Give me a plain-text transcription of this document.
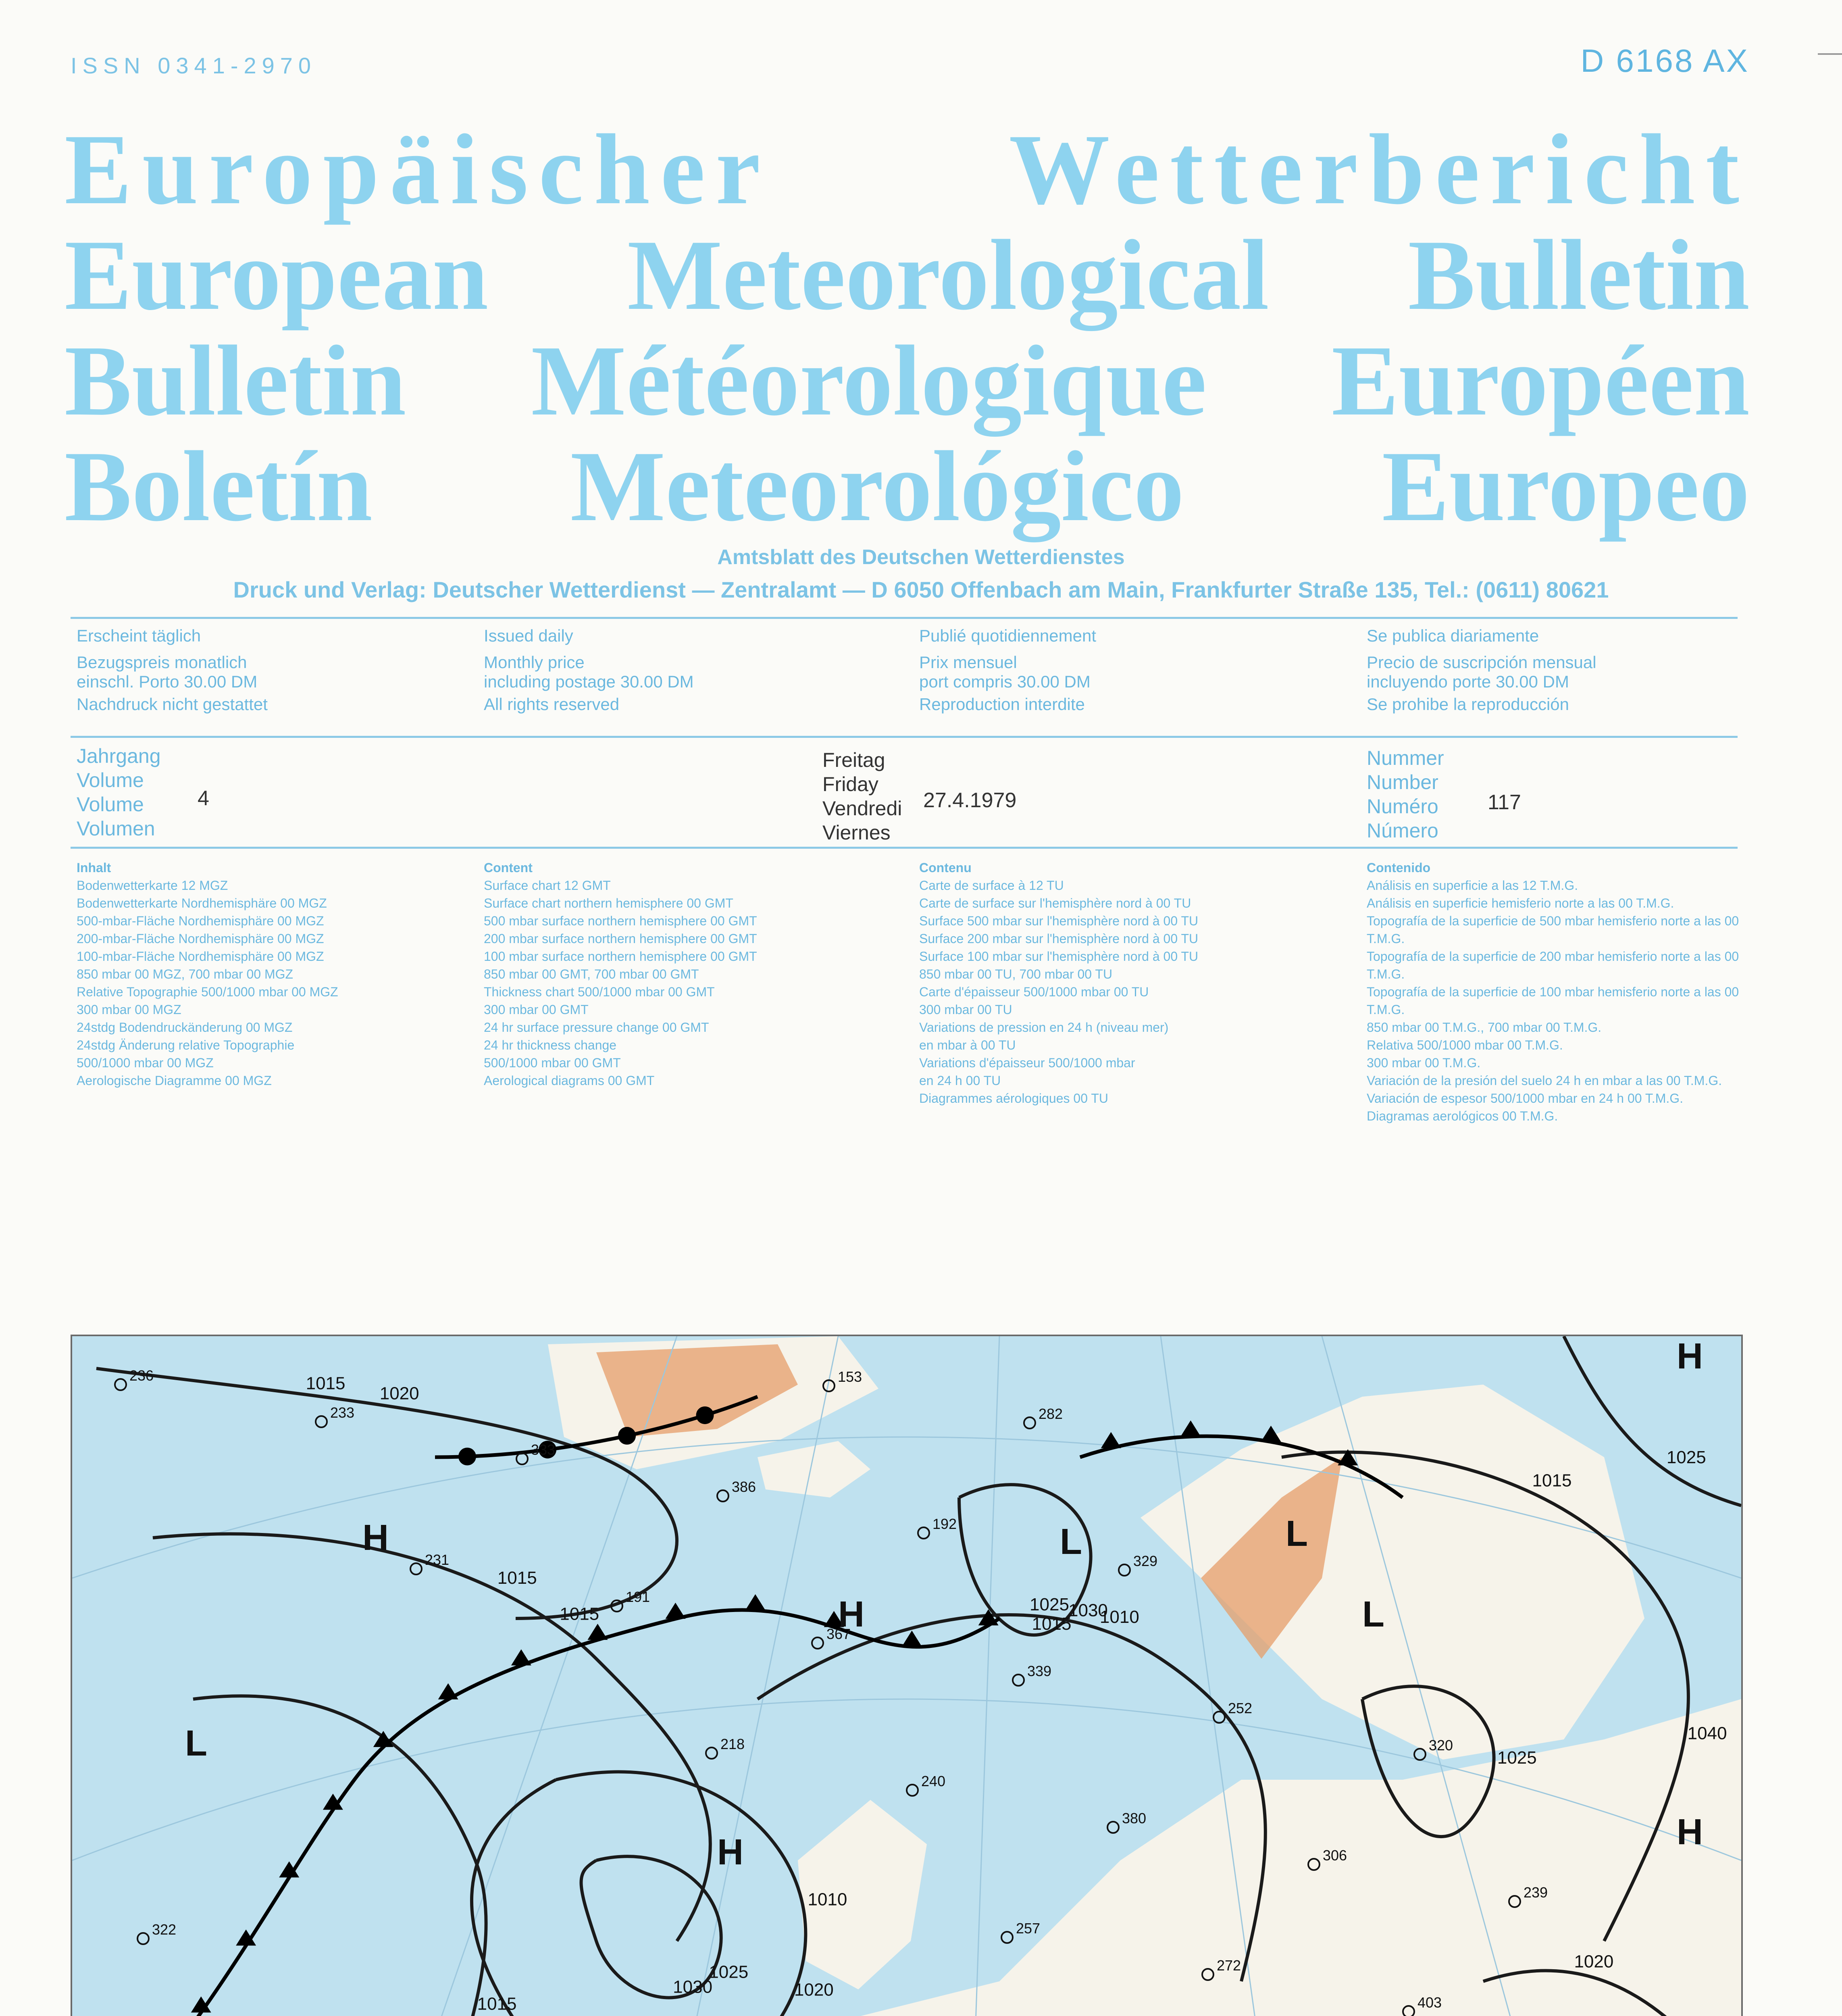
ISSN 0341-2970	D 6168 AX
Europäischer Wetterbericht
European Meteorological Bulletin
Bulletin Météorologique Européen
Boletín Meteorológico Europeo
Amtsblatt des Deutschen Wetterdienstes
Druck und Verlag: Deutscher Wetterdienst — Zentralamt — D 6050 Offenbach am Main, Frankfurter Straße 135, Tel.: (0611) 80621
Erscheint täglich
Bezugspreis monatlich
einschl. Porto 30.00 DM
Nachdruck nicht gestattet
Issued daily
Monthly price
including postage 30.00 DM
All rights reserved
Publié quotidiennement
Prix mensuel
port compris 30.00 DM
Reproduction interdite
Se publica diariamente
Precio de suscripción mensual
incluyendo porte 30.00 DM
Se prohibe la reproducción
Jahrgang
Volume
Volume
Volumen
4
Freitag
Friday
Vendredi
Viernes
27.4.1979
Nummer
Number
Numéro
Número
117
Inhalt
Bodenwetterkarte 12 MGZ
Bodenwetterkarte Nordhemisphäre 00 MGZ
500-mbar-Fläche Nordhemisphäre 00 MGZ
200-mbar-Fläche Nordhemisphäre 00 MGZ
100-mbar-Fläche Nordhemisphäre 00 MGZ
850 mbar 00 MGZ, 700 mbar 00 MGZ
Relative Topographie 500/1000 mbar 00 MGZ
300 mbar 00 MGZ
24stdg Bodendruckänderung 00 MGZ
24stdg Änderung relative Topographie
500/1000 mbar 00 MGZ
Aerologische Diagramme 00 MGZ
Content
Surface chart 12 GMT
Surface chart northern hemisphere 00 GMT
500 mbar surface northern hemisphere 00 GMT
200 mbar surface northern hemisphere 00 GMT
100 mbar surface northern hemisphere 00 GMT
850 mbar 00 GMT, 700 mbar 00 GMT
Thickness chart 500/1000 mbar 00 GMT
300 mbar 00 GMT
24 hr surface pressure change 00 GMT
24 hr thickness change
500/1000 mbar 00 GMT
Aerological diagrams 00 GMT
Contenu
Carte de surface à 12 TU
Carte de surface sur l'hemisphère nord à 00 TU
Surface 500 mbar sur l'hemisphère nord à 00 TU
Surface 200 mbar sur l'hemisphère nord à 00 TU
Surface 100 mbar sur l'hemisphère nord à 00 TU
850 mbar 00 TU, 700 mbar 00 TU
Carte d'épaisseur 500/1000 mbar 00 TU
300 mbar 00 TU
Variations de pression en 24 h (niveau mer)
en mbar à 00 TU
Variations d'épaisseur 500/1000 mbar
en 24 h 00 TU
Diagrammes aérologiques 00 TU
Contenido
Análisis en superficie a las 12 T.M.G.
Análisis en superficie hemisferio norte a las 00 T.M.G.
Topografía de la superficie de 500 mbar hemisferio norte a las 00 T.M.G.
Topografía de la superficie de 200 mbar hemisferio norte a las 00 T.M.G.
Topografía de la superficie de 100 mbar hemisferio norte a las 00 T.M.G.
850 mbar 00 T.M.G., 700 mbar 00 T.M.G.
Relativa 500/1000 mbar 00 T.M.G.
300 mbar 00 T.M.G.
Variación de la presión del suelo 24 h en mbar a las 00 T.M.G.
Variación de espesor 500/1000 mbar en 24 h 00 T.M.G.
Diagramas aerológicos 00 T.M.G.
H
H
H
H
H
L	L
L
L
1015
1015
1015
1010
1025
1025
1030
1040
1025
1020
1025
1020
1015
1020
1030
1010
1015
1015
236
231
218
257
233
191
240
272
333
367
380
403
386
339
306
192
252
239
153
329
320
322
282
